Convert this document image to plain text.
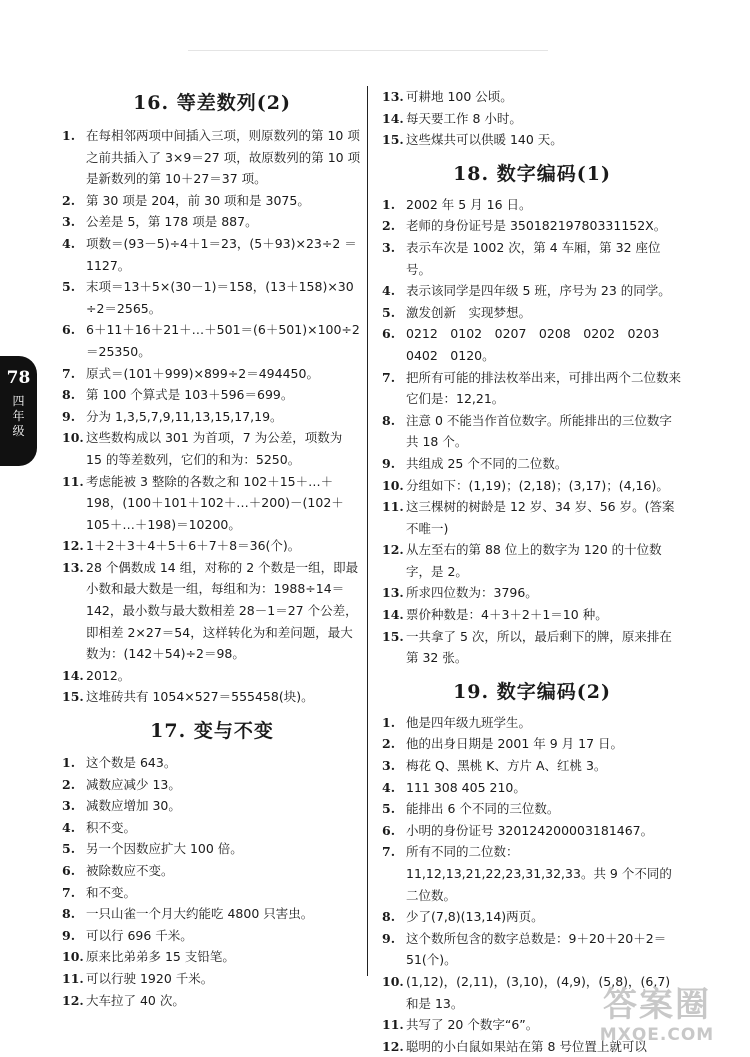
78
四年级
16. 等差数列(2)
1. 在每相邻两项中间插入三项，则原数列的第 10 项之前共插入了 3×9＝27 项，故原数列的第 10 项是新数列的第 10＋27＝37 项。
2. 第 30 项是 204，前 30 项和是 3075。
3. 公差是 5，第 178 项是 887。
4. 项数＝(93－5)÷4＋1＝23，(5＋93)×23÷2 ＝1127。
5. 末项＝13＋5×(30－1)＝158，(13＋158)×30 ÷2＝2565。
6. 6＋11＋16＋21＋…＋501＝(6＋501)×100÷2 ＝25350。
7. 原式＝(101＋999)×899÷2＝494450。
8. 第 100 个算式是 103＋596＝699。
9. 分为 1,3,5,7,9,11,13,15,17,19。
10. 这些数构成以 301 为首项，7 为公差，项数为 15 的等差数列，它们的和为：5250。
11. 考虑能被 3 整除的各数之和 102＋15＋…＋198，(100＋101＋102＋…＋200)－(102＋105＋…＋198)＝10200。
12. 1＋2＋3＋4＋5＋6＋7＋8＝36(个)。
13. 28 个偶数成 14 组，对称的 2 个数是一组，即最小数和最大数是一组，每组和为：1988÷14＝142，最小数与最大数相差 28－1＝27 个公差，即相差 2×27＝54，这样转化为和差问题，最大数为：(142＋54)÷2＝98。
14. 2012。
15. 这堆砖共有 1054×527＝555458(块)。
17. 变与不变
1. 这个数是 643。
2. 减数应减少 13。
3. 减数应增加 30。
4. 积不变。
5. 另一个因数应扩大 100 倍。
6. 被除数应不变。
7. 和不变。
8. 一只山雀一个月大约能吃 4800 只害虫。
9. 可以行 696 千米。
10. 原来比弟弟多 15 支铅笔。
11. 可以行驶 1920 千米。
12. 大车拉了 40 次。
13. 可耕地 100 公顷。
14. 每天要工作 8 小时。
15. 这些煤共可以供暖 140 天。
18. 数字编码(1)
1. 2002 年 5 月 16 日。
2. 老师的身份证号是 35018219780331152X。
3. 表示车次是 1002 次，第 4 车厢，第 32 座位号。
4. 表示该同学是四年级 5 班，序号为 23 的同学。
5. 激发创新　实现梦想。
6. 0212　0102　0207　0208　0202　0203　0402　0120。
7. 把所有可能的排法枚举出来，可排出两个二位数来它们是：12,21。
8. 注意 0 不能当作首位数字。所能排出的三位数字共 18 个。
9. 共组成 25 个不同的二位数。
10. 分组如下：(1,19)；(2,18)；(3,17)；(4,16)。
11. 这三棵树的树龄是 12 岁、34 岁、56 岁。(答案不唯一)
12. 从左至右的第 88 位上的数字为 120 的十位数字，是 2。
13. 所求四位数为：3796。
14. 票价种数是：4＋3＋2＋1＝10 种。
15. 一共拿了 5 次，所以，最后剩下的牌，原来排在第 32 张。
19. 数字编码(2)
1. 他是四年级九班学生。
2. 他的出身日期是 2001 年 9 月 17 日。
3. 梅花 Q、黑桃 K、方片 A、红桃 3。
4. 111 308 405 210。
5. 能排出 6 个不同的三位数。
6. 小明的身份证号 320124200003181467。
7. 所有不同的二位数：11,12,13,21,22,23,31,32,33。共 9 个不同的二位数。
8. 少了(7,8)(13,14)两页。
9. 这个数所包含的数字总数是：9＋20＋20＋2＝51(个)。
10. (1,12)，(2,11)，(3,10)，(4,9)，(5,8)，(6,7)和是 13。
11. 共写了 20 个数字“6”。
12. 聪明的小白鼠如果站在第 8 号位置上就可以
答案圈
MXQE.COM
